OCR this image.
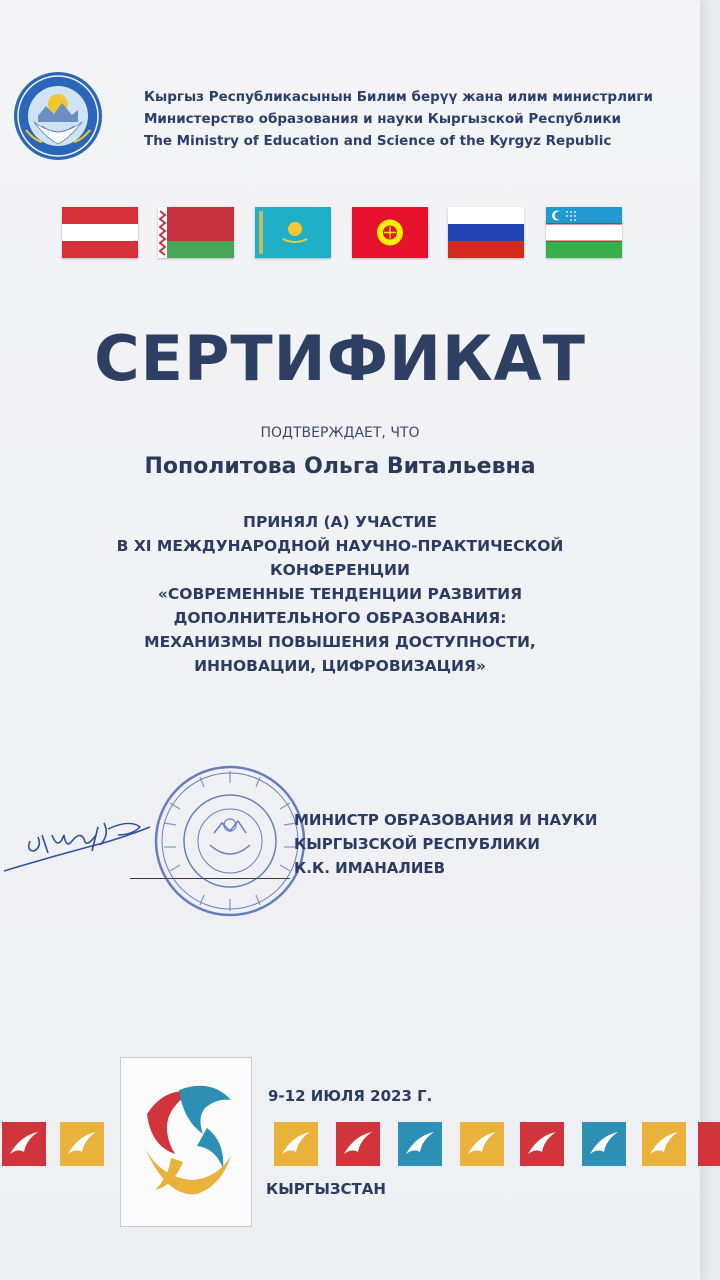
Кыргыз Республикасынын Билим берүү жана илим министрлиги
Министерство образования и науки Кыргызской Республики
The Ministry of Education and Science of the Kyrgyz Republic
СЕРТИФИКАТ
ПОДТВЕРЖДАЕТ, ЧТО
Пополитова Ольга Витальевна
ПРИНЯЛ (А) УЧАСТИЕ
В XI МЕЖДУНАРОДНОЙ НАУЧНО-ПРАКТИЧЕСКОЙ
КОНФЕРЕНЦИИ
«СОВРЕМЕННЫЕ ТЕНДЕНЦИИ РАЗВИТИЯ
ДОПОЛНИТЕЛЬНОГО ОБРАЗОВАНИЯ:
МЕХАНИЗМЫ ПОВЫШЕНИЯ ДОСТУПНОСТИ,
ИННОВАЦИИ, ЦИФРОВИЗАЦИЯ»
МИНИСТР ОБРАЗОВАНИЯ И НАУКИ
КЫРГЫЗСКОЙ РЕСПУБЛИКИ
К.К. ИМАНАЛИЕВ
9-12 ИЮЛЯ 2023 Г.
КЫРГЫЗСТАН
